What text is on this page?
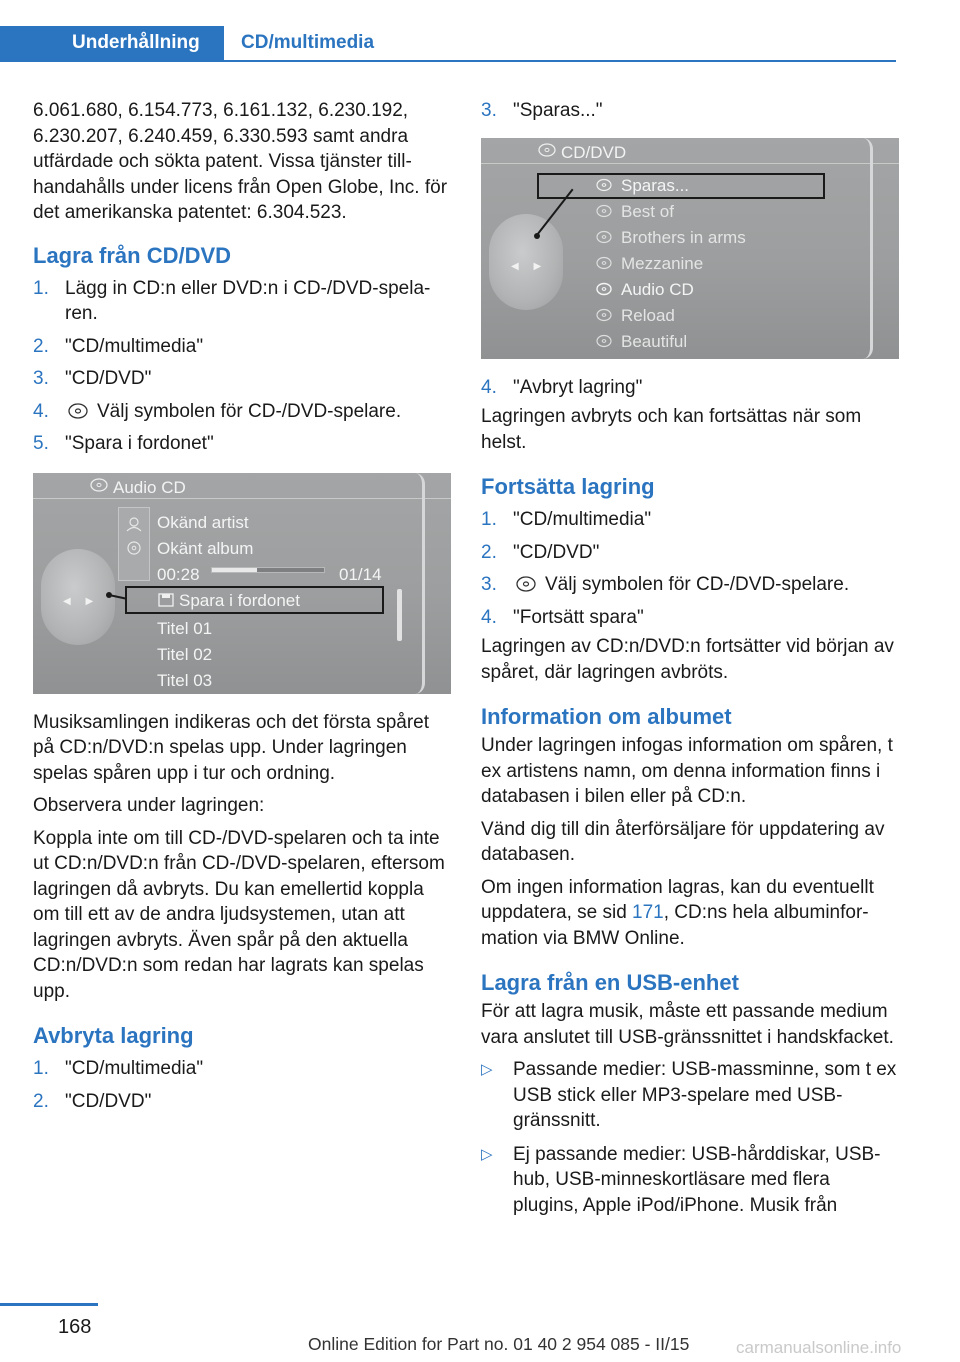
Underhållning	CD/multimedia

6.061.680, 6.154.773, 6.161.132, 6.230.192, 6.230.207, 6.240.459, 6.330.593 samt andra utfärdade och sökta patent. Vissa tjänster tillhandahålls under licens från Open Globe, Inc. för det amerikanska patentet: 6.304.523.

Lagra från CD/DVD
1. Lägg in CD:n eller DVD:n i CD-/DVD-spelaren.
2. "CD/multimedia"
3. "CD/DVD"
4.	Välj symbolen för CD-/DVD-spelare.
5. "Spara i fordonet"
Audio CD
Okänd artist
Okänt album
00:28	01/14
◀ ▶	Spara i fordonet
Titel 01
Titel 02
Titel 03

Musiksamlingen indikeras och det första spåret på CD:n/DVD:n spelas upp. Under lagringen spelas spåren upp i tur och ordning.

Observera under lagringen:

Koppla inte om till CD-/DVD-spelaren och ta inte ut CD:n/DVD:n från CD-/DVD-spelaren, eftersom lagringen då avbryts. Du kan emellertid koppla om till ett av de andra ljudsystemen, utan att lagringen avbryts. Även spår på den aktuella CD:n/DVD:n som redan har lagrats kan spelas upp.

Avbryta lagring
1. "CD/multimedia"
2. "CD/DVD"
3. "Sparas..."
CD/DVD
◀ ▶
Sparas...
Best of
Brothers in arms
Mezzanine
Audio CD
Reload
Beautiful
4. "Avbryt lagring"

Lagringen avbryts och kan fortsättas när som helst.

Fortsätta lagring
1. "CD/multimedia"
2. "CD/DVD"
3.	Välj symbolen för CD-/DVD-spelare.
4. "Fortsätt spara"

Lagringen av CD:n/DVD:n fortsätter vid början av spåret, där lagringen avbröts.

Information om albumet

Under lagringen infogas information om spåren, t ex artistens namn, om denna information finns i databasen i bilen eller på CD:n.

Vänd dig till din återförsäljare för uppdatering av databasen.

Om ingen information lagras, kan du eventuellt uppdatera, se sid 171, CD:ns hela albuminformation via BMW Online.

Lagra från en USB-enhet

För att lagra musik, måste ett passande medium vara anslutet till USB-gränssnittet i handskfacket.

▷ Passande medier: USB-massminne, som t ex USB stick eller MP3-spelare med USB-gränssnitt.
▷ Ej passande medier: USB-hårddiskar, USB-hub, USB-minneskortläsare med flera plugins, Apple iPod/iPhone. Musik från
168
Online Edition for Part no. 01 40 2 954 085 - II/15	carmanualsonline.info
